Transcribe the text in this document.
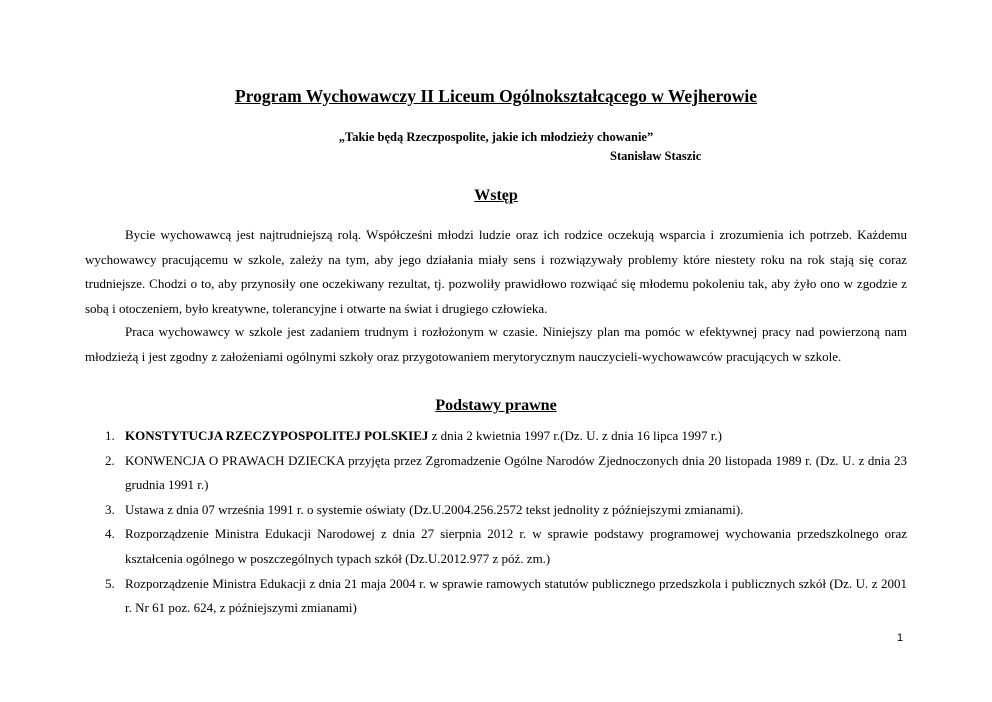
Program Wychowawczy II Liceum Ogólnokształcącego w Wejherowie
„Takie będą Rzeczpospolite, jakie ich młodzieży chowanie”
Stanisław Staszic
Wstęp

Bycie wychowawcą jest najtrudniejszą rolą. Współcześni młodzi ludzie oraz ich rodzice oczekują wsparcia i zrozumienia ich potrzeb. Każdemu wychowawcy pracującemu w szkole, zależy na tym, aby jego działania miały sens i rozwiązywały problemy które niestety roku na rok stają się coraz trudniejsze. Chodzi o to, aby przynosiły one oczekiwany rezultat, tj. pozwoliły prawidłowo rozwiąać się młodemu pokoleniu tak, aby żyło ono w zgodzie z sobą i otoczeniem, było kreatywne, tolerancyjne i otwarte na świat i drugiego człowieka.

Praca wychowawcy w szkole jest zadaniem trudnym i rozłożonym w czasie. Niniejszy plan ma pomóc w efektywnej pracy nad powierzoną nam młodzieżą i jest zgodny z założeniami ogólnymi szkoły oraz przygotowaniem merytorycznym nauczycieli-wychowawców pracujących w szkole.

Podstawy prawne
1. KONSTYTUCJA RZECZYPOSPOLITEJ POLSKIEJ z dnia 2 kwietnia 1997 r.(Dz. U. z dnia 16 lipca 1997 r.)
2. KONWENCJA O PRAWACH DZIECKA przyjęta przez Zgromadzenie Ogólne Narodów Zjednoczonych dnia 20 listopada 1989 r. (Dz. U. z dnia 23 grudnia 1991 r.)
3. Ustawa z dnia 07 września 1991 r. o systemie oświaty (Dz.U.2004.256.2572 tekst jednolity z późniejszymi zmianami).
4. Rozporządzenie Ministra Edukacji Narodowej z dnia 27 sierpnia 2012 r. w sprawie podstawy programowej wychowania przedszkolnego oraz kształcenia ogólnego w poszczególnych typach szkół (Dz.U.2012.977 z póź. zm.)
5. Rozporządzenie Ministra Edukacji z dnia 21 maja 2004 r. w sprawie ramowych statutów publicznego przedszkola i publicznych szkół (Dz. U. z 2001 r. Nr 61 poz. 624, z późniejszymi zmianami)
1
